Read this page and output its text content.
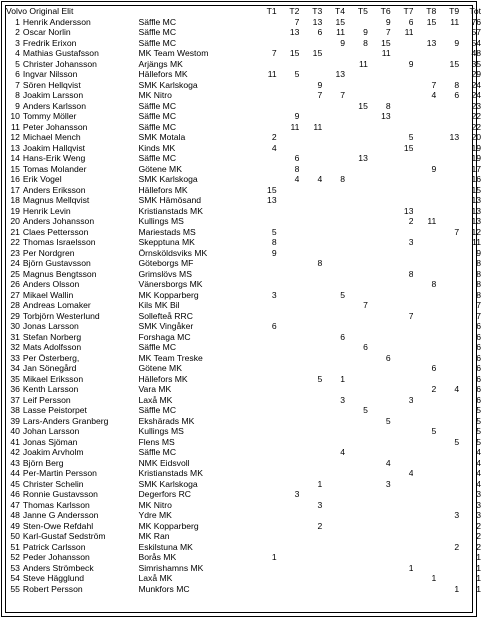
Volvo Original Elit			T1	T2	T3	T4	T5	T6	T7	T8	T9	Tot
1	Henrik Andersson	Säffle MC		7	13	15		9	6	15	11	76
2	Oscar Norlin	Säffle MC		13	6	11	9	7	11			57
3	Fredrik Erixon	Säffle MC				9	8	15		13	9	54
4	Mathias Gustafsson	MK Team Westom	7	15	15			11				48
5	Christer Johansson	Arjängs MK					11		9		15	35
6	Ingvar Nilsson	Hällefors MK	11	5		13						29
7	Sören Hellqvist	SMK Karlskoga			9					7	8	24
8	Joakim Larsson	MK Nitro			7	7				4	6	24
9	Anders Karlsson	Säffle MC					15	8				23
10	Tommy Möller	Säffle MC		9				13				22
11	Peter Johansson	Säffle MC		11	11							22
12	Michael Mench	SMK Motala	2						5		13	20
13	Joakim Hallqvist	Kinds MK	4						15			19
14	Hans-Erik Weng	Säffle MC		6			13					19
15	Tomas Molander	Götene MK		8						9		17
16	Erik Vogel	SMK Karlskoga		4	4	8						16
17	Anders Eriksson	Hällefors MK	15									15
18	Magnus Mellqvist	SMK Hämösand	13									13
19	Henrik Levin	Kristianstads MK							13			13
20	Anders Johansson	Kullings MS							2	11		13
21	Claes Pettersson	Mariestads MS	5								7	12
22	Thomas Israelsson	Skepptuna MK	8						3			11
23	Per Nordgren	Örnsköldsviks MK	9									9
24	Björn Gustavsson	Göteborgs MF			8							8
25	Magnus Bengtsson	Grimslövs MS							8			8
26	Anders Olsson	Vänersborgs MK								8		8
27	Mikael Wallin	MK Kopparberg	3			5						8
28	Andreas Lomaker	Kils MK Bil					7					7
29	Torbjörn Westerlund	Sollefteå RRC							7			7
30	Jonas Larsson	SMK Vingåker	6									6
31	Stefan Norberg	Forshaga MC				6						6
32	Mats Adolfsson	Säffle MC					6					6
33	Per Österberg,	MK Team Treske						6				6
34	Jan Sönegård	Götene MK								6		6
35	Mikael Eriksson	Hällefors MK			5	1						6
36	Kenth Larsson	Vara MK								2	4	6
37	Leif Persson	Laxå MK				3			3			6
38	Lasse Peistorpet	Säffle MC					5					5
39	Lars-Anders Granberg	Ekshärads MK						5				5
40	Johan Larsson	Kullings MS								5		5
41	Jonas Sjöman	Flens MS									5	5
42	Joakim Arvholm	Säffle MC				4						4
43	Björn Berg	NMK Eidsvoll						4				4
44	Per-Martin Persson	Kristianstads MK							4			4
45	Christer Schelin	SMK Karlskoga			1			3				4
46	Ronnie Gustavsson	Degerfors RC		3								3
47	Thomas Karlsson	MK Nitro			3							3
48	Janne G Andersson	Ydre MK									3	3
49	Sten-Owe Refdahl	MK Kopparberg			2							2
50	Karl-Gustaf Sedström	MK Ran										2
51	Patrick Carlsson	Eskilstuna MK									2	2
52	Peder Johansson	Borås MK	1									1
53	Anders Strömbeck	Simrishamns MK							1			1
54	Steve Hägglund	Laxå MK								1		1
55	Robert Persson	Munkfors MC									1	1
